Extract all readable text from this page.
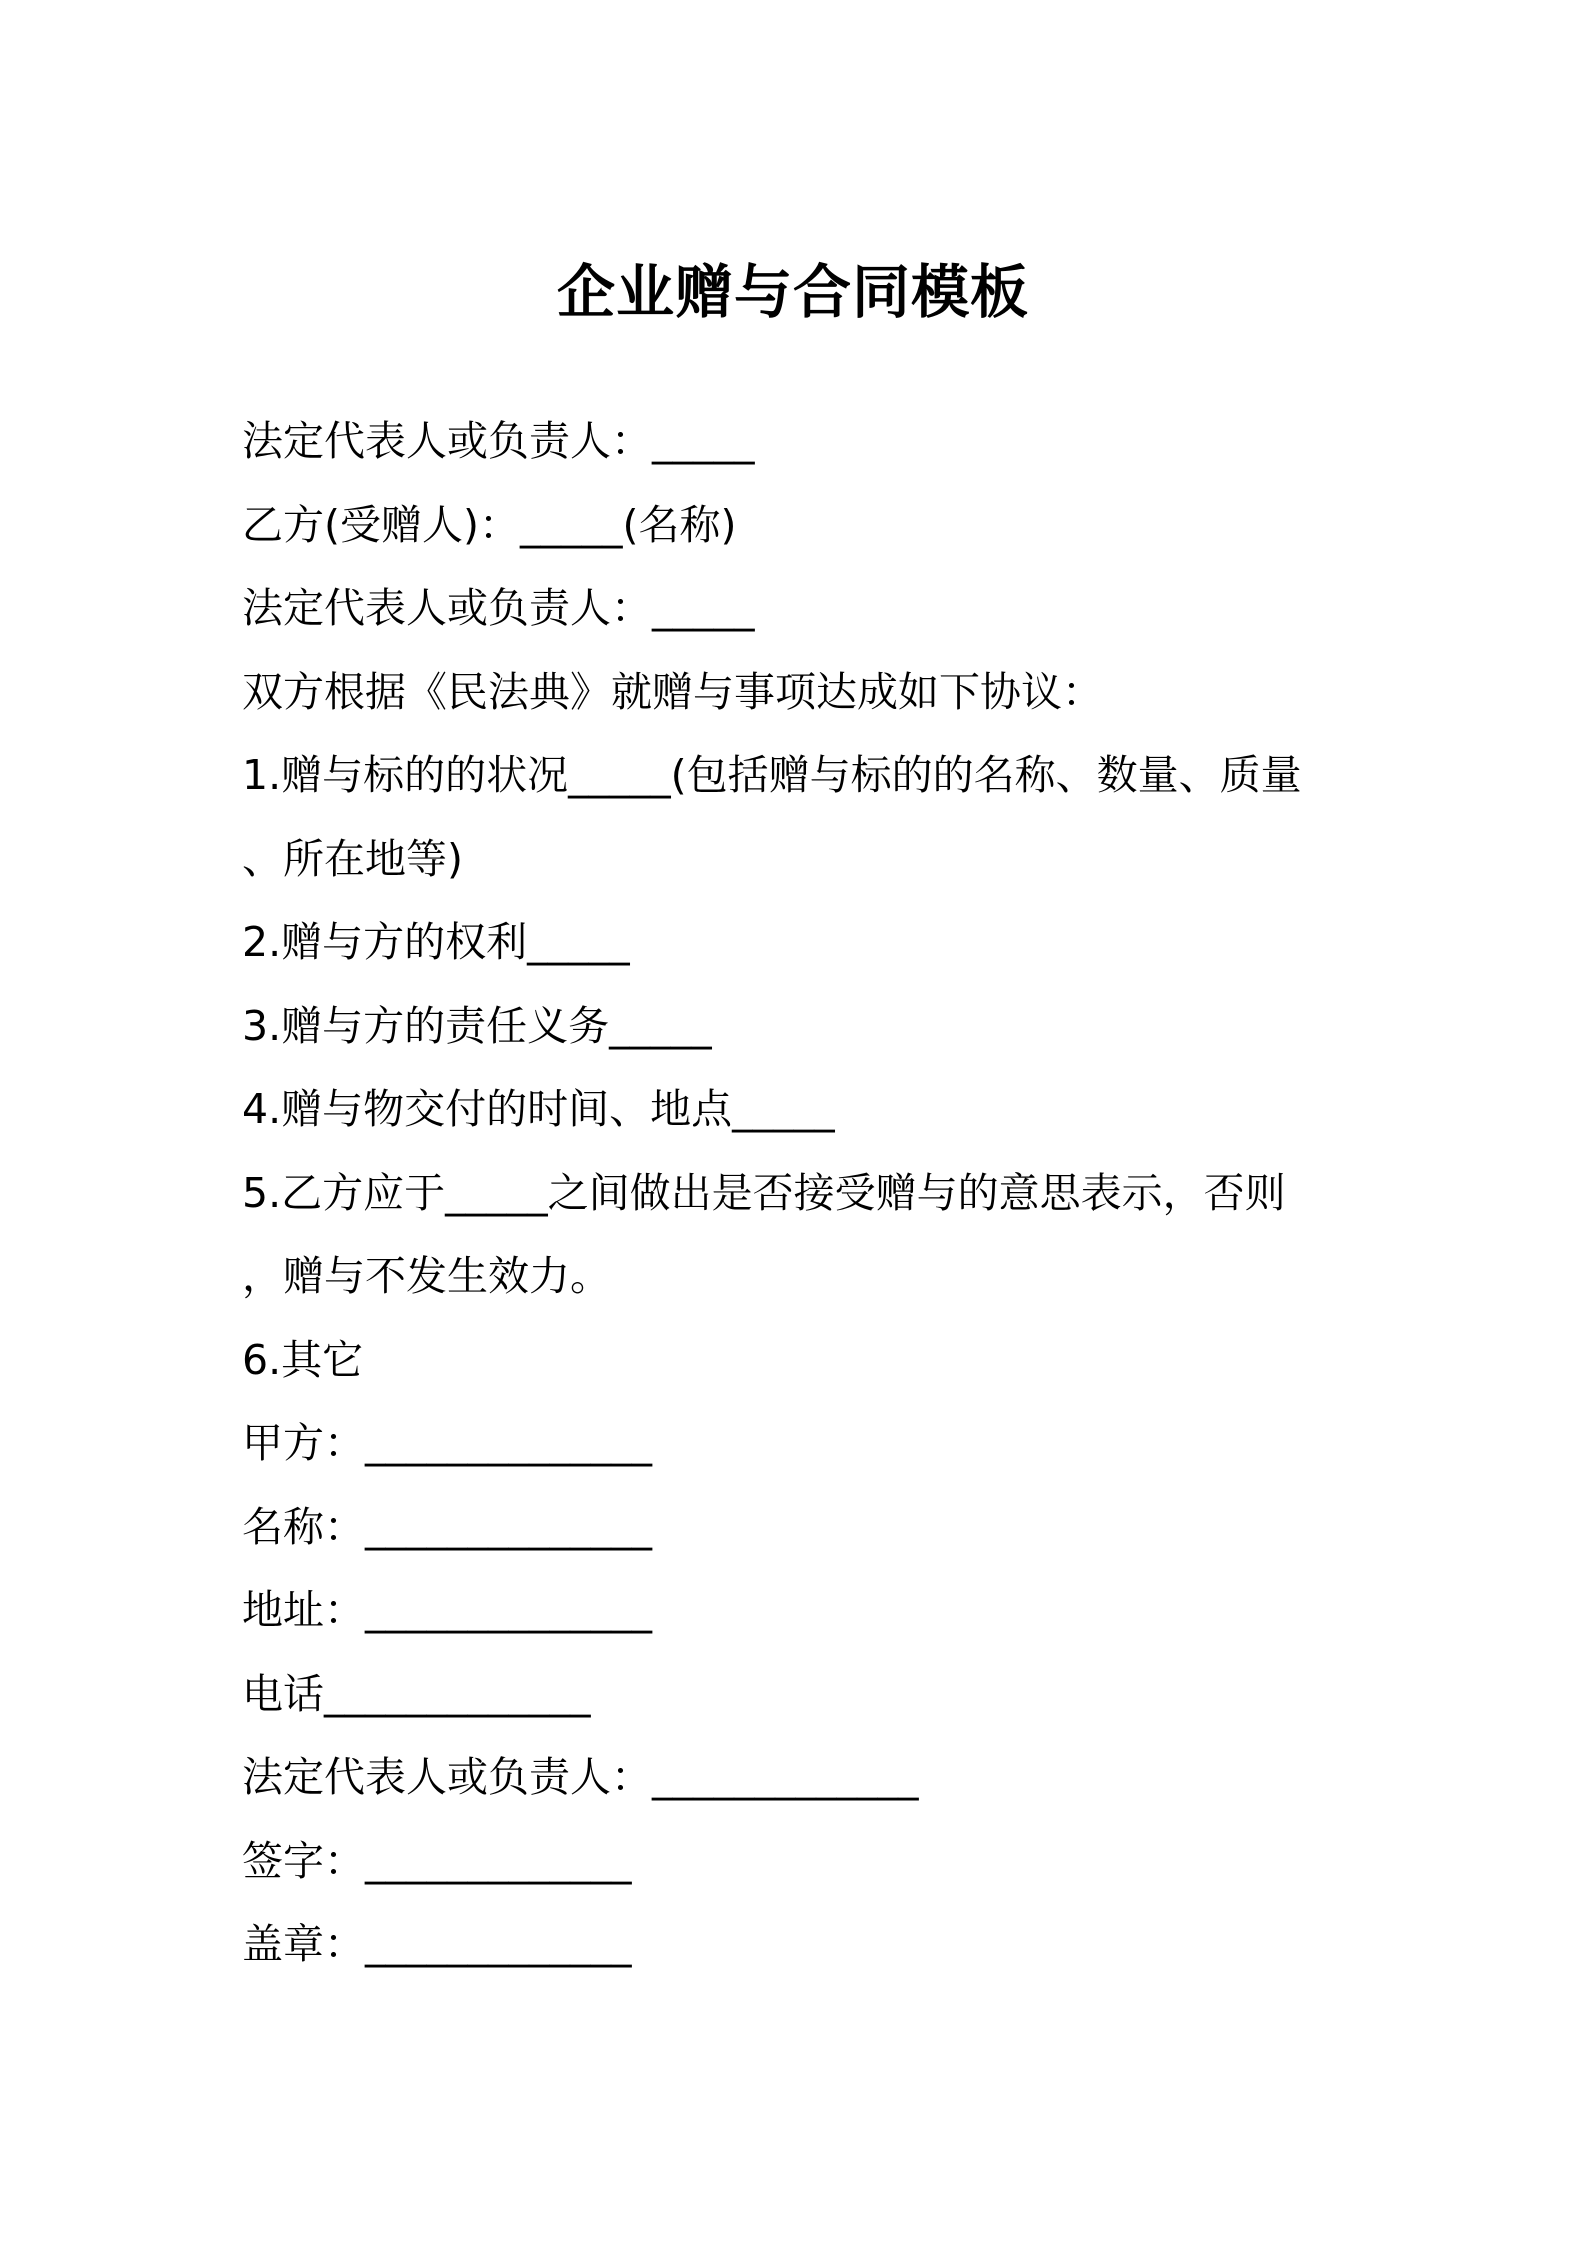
企业赠与合同模板
法定代表人或负责人：_____
乙方(受赠人)：_____(名称)
法定代表人或负责人：_____
双方根据《民法典》就赠与事项达成如下协议：
1.赠与标的的状况_____(包括赠与标的的名称、数量、质量
、所在地等)
2.赠与方的权利_____
3.赠与方的责任义务_____
4.赠与物交付的时间、地点_____
5.乙方应于_____之间做出是否接受赠与的意思表示，否则
，赠与不发生效力。
6.其它
甲方：______________
名称：______________
地址：______________
电话_____________
法定代表人或负责人：_____________
签字：_____________
盖章：_____________
